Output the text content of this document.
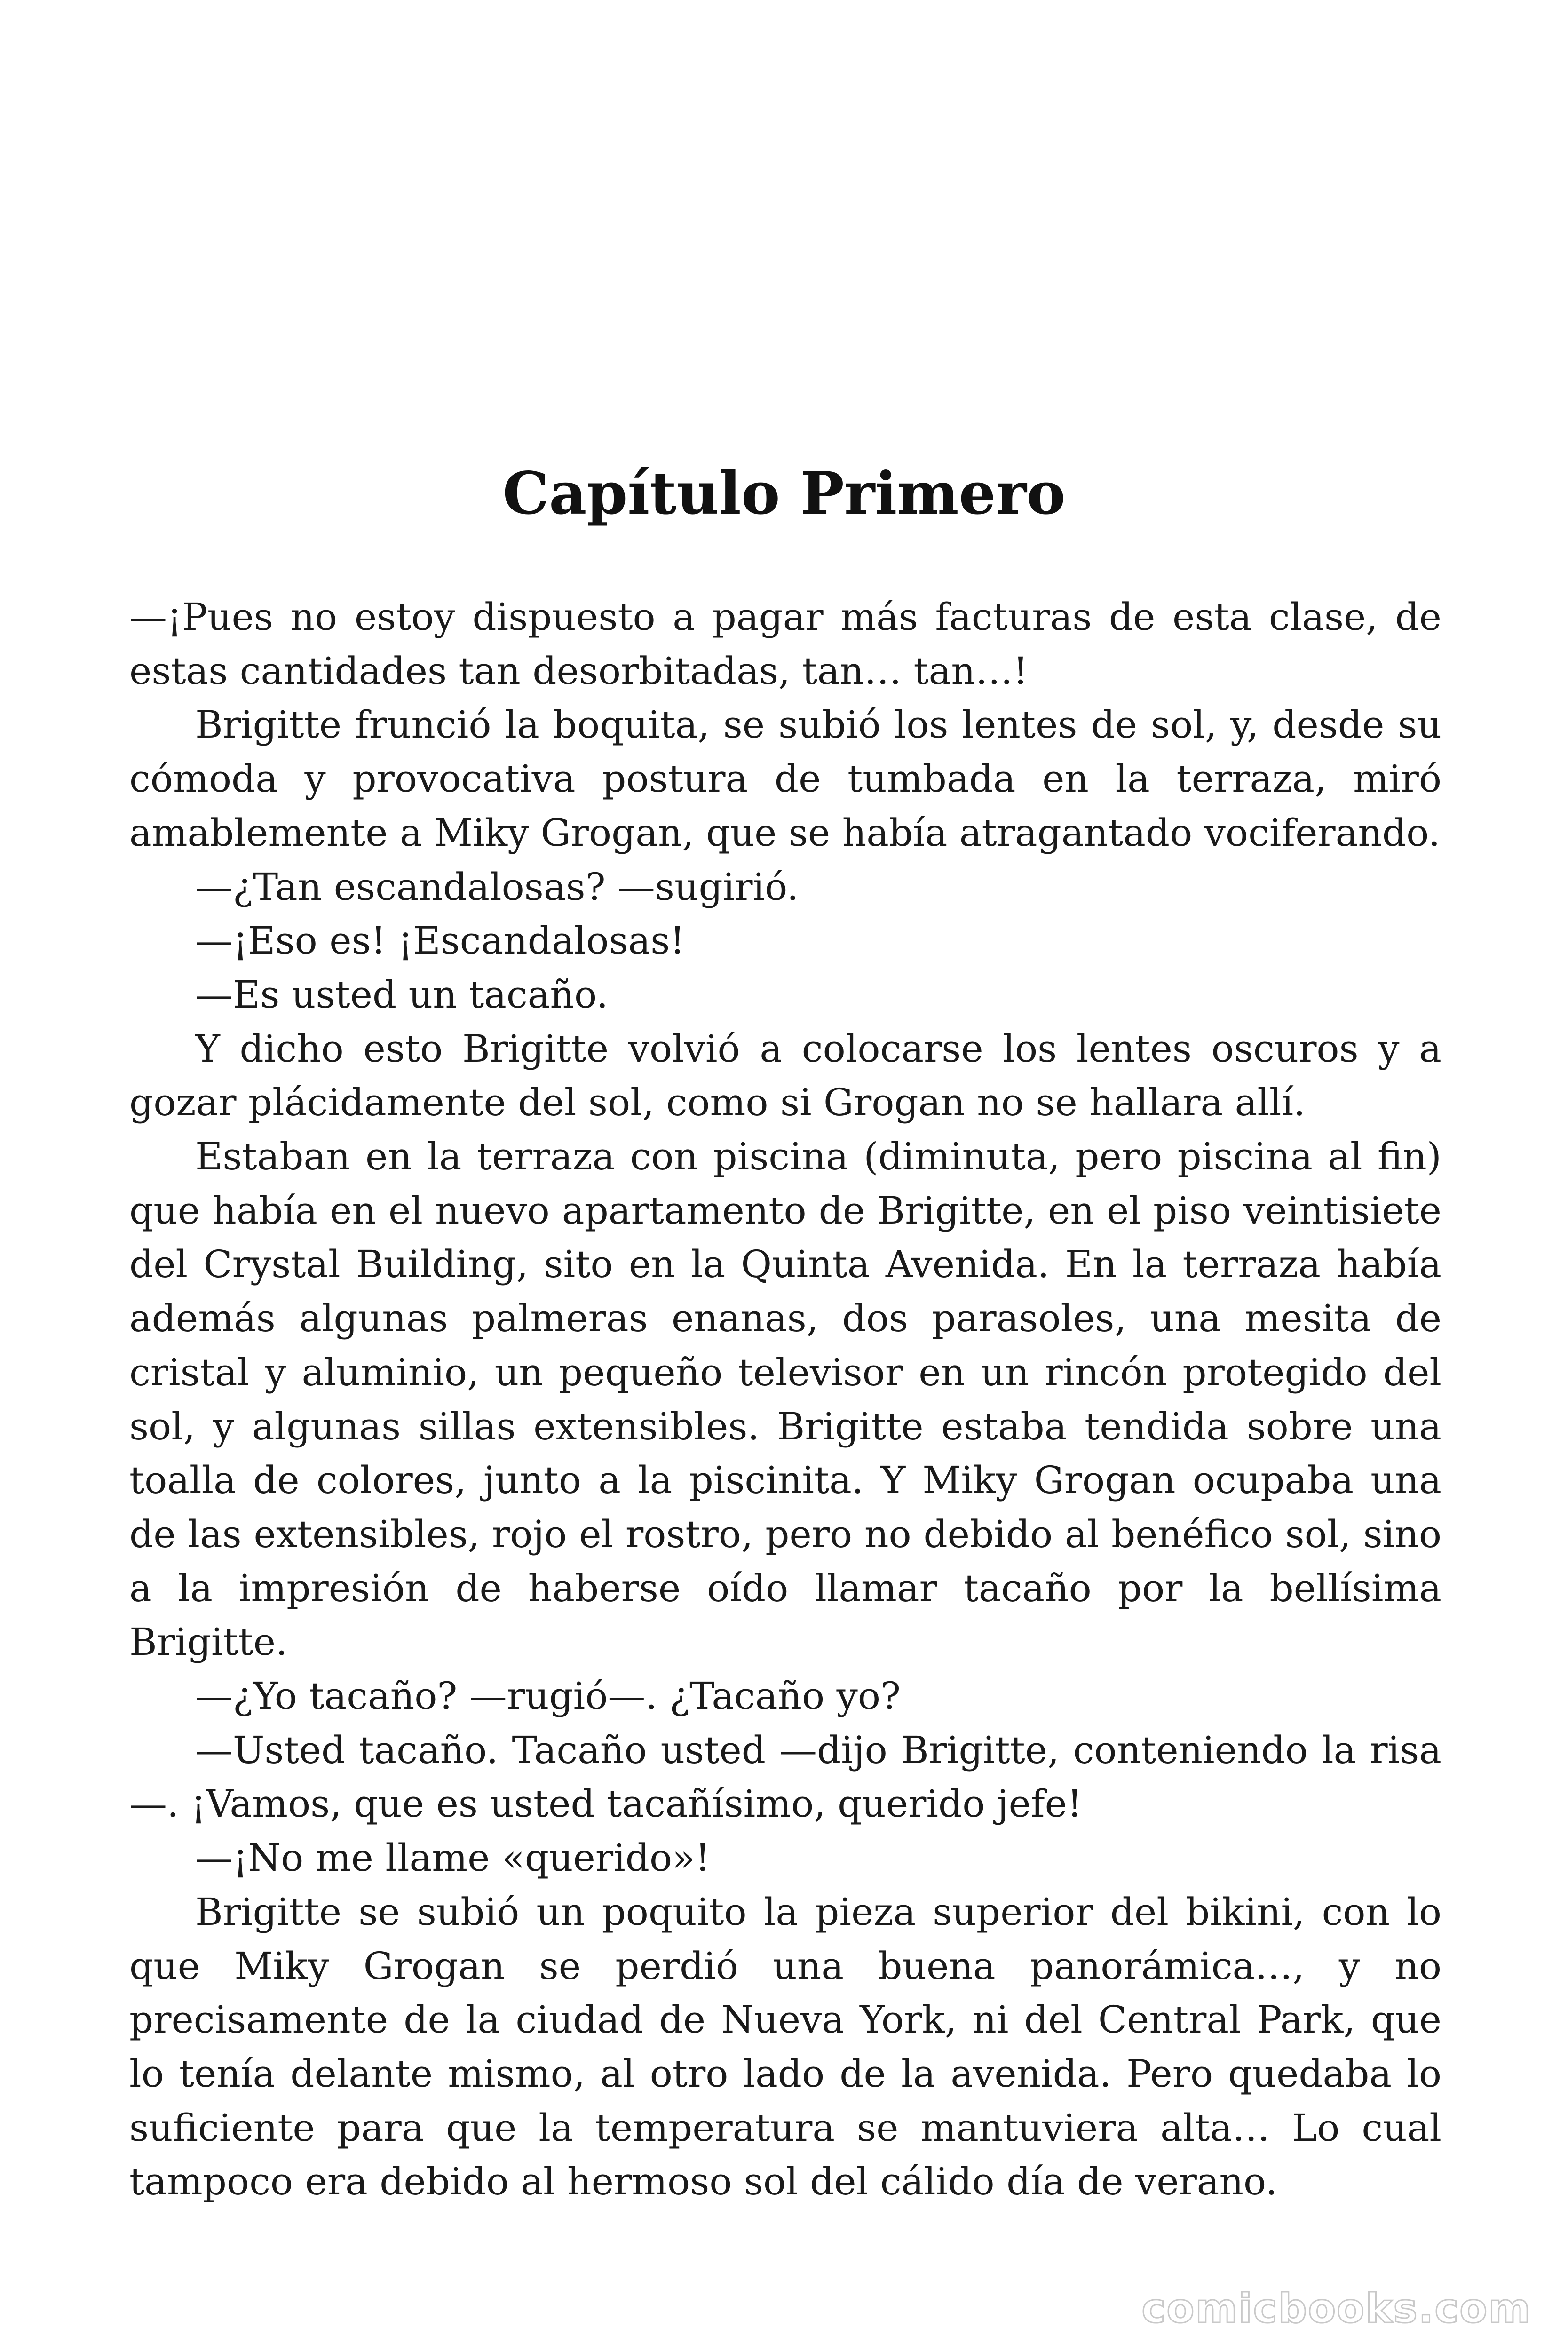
Capítulo Primero

—¡Pues no estoy dispuesto a pagar más facturas de esta clase, de estas cantidades tan desorbitadas, tan… tan…!

Brigitte frunció la boquita, se subió los lentes de sol, y, desde su cómoda y provocativa postura de tumbada en la terraza, miró amablemente a Miky Grogan, que se había atragantado vociferando.

—¿Tan escandalosas? —sugirió.

—¡Eso es! ¡Escandalosas!

—Es usted un tacaño.

Y dicho esto Brigitte volvió a colocarse los lentes oscuros y a gozar plácidamente del sol, como si Grogan no se hallara allí.

Estaban en la terraza con piscina (diminuta, pero piscina al fin) que había en el nuevo apartamento de Brigitte, en el piso veintisiete del Crystal Building, sito en la Quinta Avenida. En la terraza había además algunas palmeras enanas, dos parasoles, una mesita de cristal y aluminio, un pequeño televisor en un rincón protegido del sol, y algunas sillas extensibles. Brigitte estaba tendida sobre una toalla de colores, junto a la piscinita. Y Miky Grogan ocupaba una de las extensibles, rojo el rostro, pero no debido al benéfico sol, sino a la impresión de haberse oído llamar tacaño por la bellísima Brigitte.

—¿Yo tacaño? —rugió—. ¿Tacaño yo?

—Usted tacaño. Tacaño usted —dijo Brigitte, conteniendo la risa —. ¡Vamos, que es usted tacañísimo, querido jefe!

—¡No me llame «querido»!

Brigitte se subió un poquito la pieza superior del bikini, con lo que Miky Grogan se perdió una buena panorámica…, y no precisamente de la ciudad de Nueva York, ni del Central Park, que lo tenía delante mismo, al otro lado de la avenida. Pero quedaba lo suficiente para que la temperatura se mantuviera alta… Lo cual tampoco era debido al hermoso sol del cálido día de verano.

comicbooks.com
